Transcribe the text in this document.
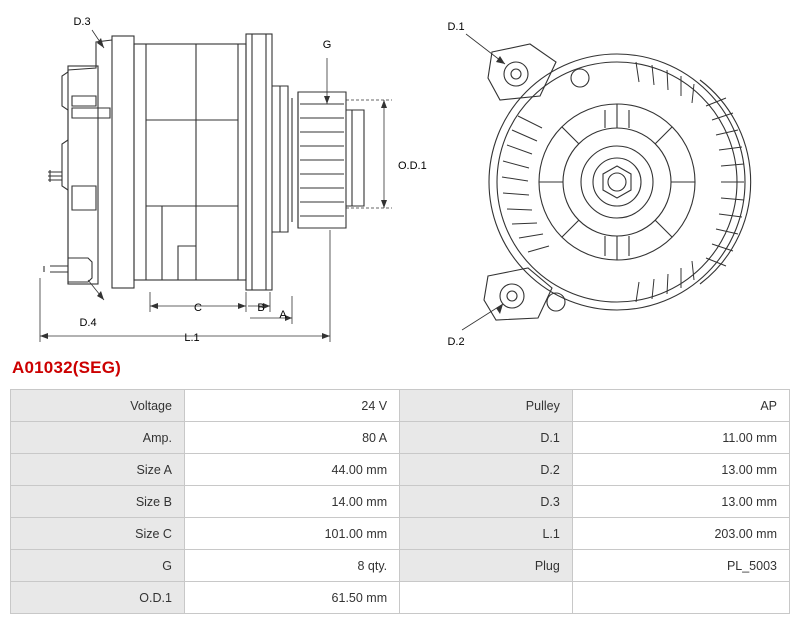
D.3
G
O.D.1
D.4
C	B
A
L.1
D.1
D.2
A01032(SEG)
Voltage	24 V	Pulley	AP
Amp.	80 A	D.1	11.00 mm
Size A	44.00 mm	D.2	13.00 mm
Size B	14.00 mm	D.3	13.00 mm
Size C	101.00 mm	L.1	203.00 mm
G	8 qty.	Plug	PL_5003
O.D.1	61.50 mm		
